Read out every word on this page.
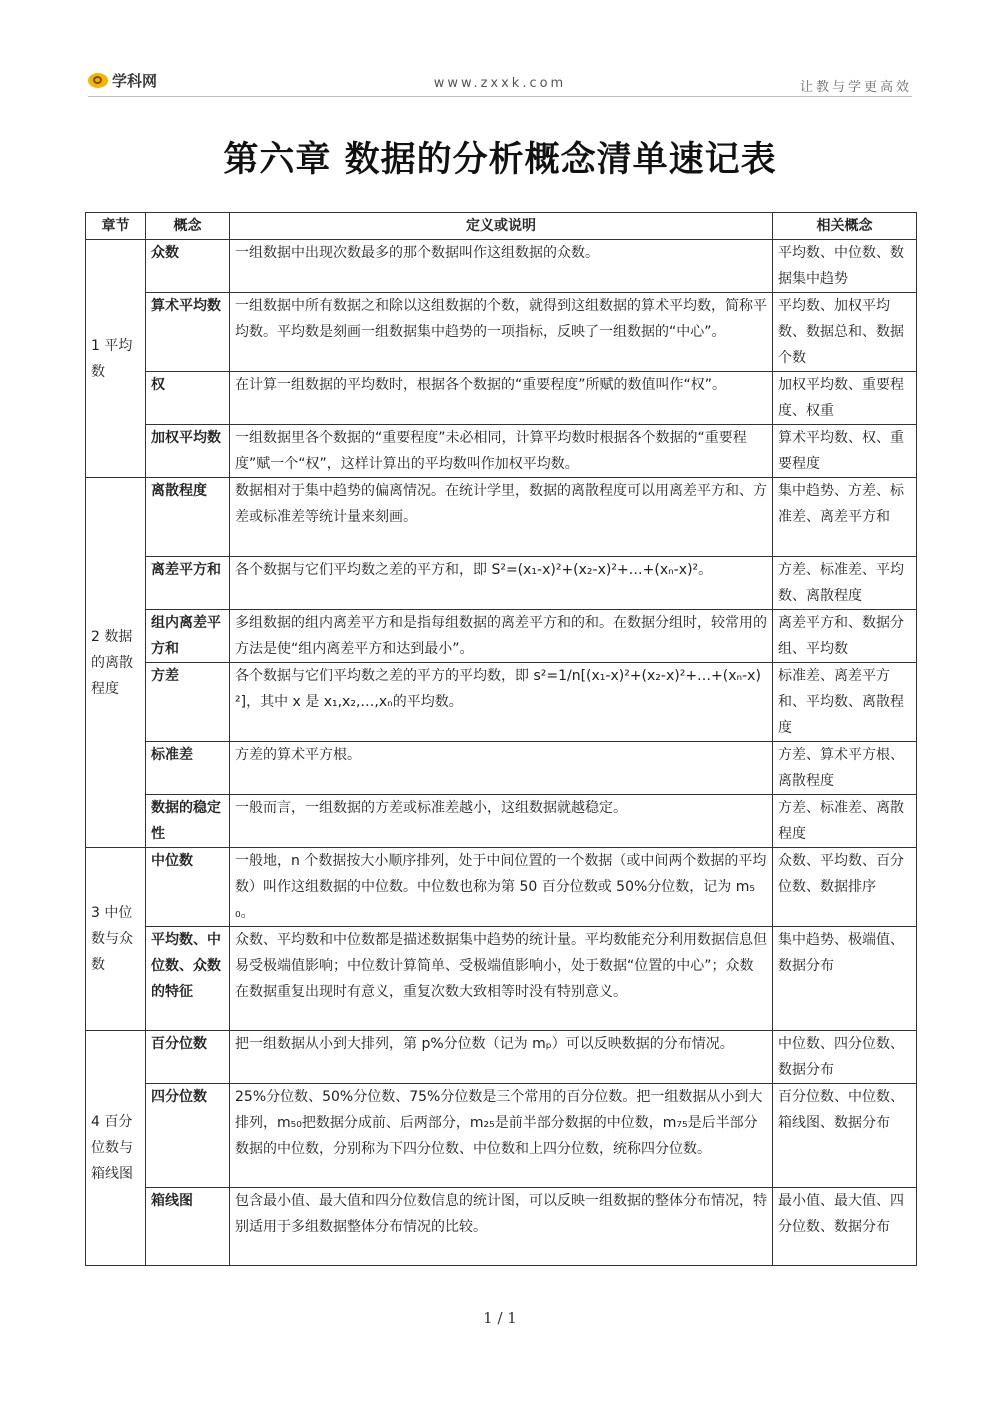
学科网	www.zxxk.com	让教与学更高效
第六章 数据的分析概念清单速记表
章节	概念	定义或说明	相关概念
1 平均数	众数	一组数据中出现次数最多的那个数据叫作这组数据的众数。	平均数、中位数、数据集中趋势
	算术平均数	一组数据中所有数据之和除以这组数据的个数，就得到这组数据的算术平均数，简称平均数。平均数是刻画一组数据集中趋势的一项指标，反映了一组数据的“中心”。	平均数、加权平均数、数据总和、数据个数
	权	在计算一组数据的平均数时，根据各个数据的“重要程度”所赋的数值叫作“权”。	加权平均数、重要程度、权重
	加权平均数	一组数据里各个数据的“重要程度”未必相同，计算平均数时根据各个数据的“重要程度”赋一个“权”，这样计算出的平均数叫作加权平均数。	算术平均数、权、重要程度
2 数据的离散程度	离散程度	数据相对于集中趋势的偏离情况。在统计学里，数据的离散程度可以用离差平方和、方差或标准差等统计量来刻画。	集中趋势、方差、标准差、离差平方和
	离差平方和	各个数据与它们平均数之差的平方和，即 S²=(x₁-x)²+(x₂-x)²+…+(xₙ-x)²。	方差、标准差、平均数、离散程度
	组内离差平方和	多组数据的组内离差平方和是指每组数据的离差平方和的和。在数据分组时，较常用的方法是使“组内离差平方和达到最小”。	离差平方和、数据分组、平均数
	方差	各个数据与它们平均数之差的平方的平均数，即 s²=1/n[(x₁-x)²+(x₂-x)²+…+(xₙ-x)²]，其中 x 是 x₁,x₂,…,xₙ的平均数。	标准差、离差平方和、平均数、离散程度
	标准差	方差的算术平方根。	方差、算术平方根、离散程度
	数据的稳定性	一般而言，一组数据的方差或标准差越小，这组数据就越稳定。	方差、标准差、离散程度
3 中位数与众数	中位数	一般地，n 个数据按大小顺序排列，处于中间位置的一个数据（或中间两个数据的平均数）叫作这组数据的中位数。中位数也称为第 50 百分位数或 50%分位数，记为 m₅₀。	众数、平均数、百分位数、数据排序
	平均数、中位数、众数的特征	众数、平均数和中位数都是描述数据集中趋势的统计量。平均数能充分利用数据信息但易受极端值影响；中位数计算简单、受极端值影响小，处于数据“位置的中心”；众数在数据重复出现时有意义，重复次数大致相等时没有特别意义。	集中趋势、极端值、数据分布
4 百分位数与箱线图	百分位数	把一组数据从小到大排列，第 p%分位数（记为 mₚ）可以反映数据的分布情况。	中位数、四分位数、数据分布
	四分位数	25%分位数、50%分位数、75%分位数是三个常用的百分位数。把一组数据从小到大排列，m₅₀把数据分成前、后两部分，m₂₅是前半部分数据的中位数，m₇₅是后半部分数据的中位数，分别称为下四分位数、中位数和上四分位数，统称四分位数。	百分位数、中位数、箱线图、数据分布
	箱线图	包含最小值、最大值和四分位数信息的统计图，可以反映一组数据的整体分布情况，特别适用于多组数据整体分布情况的比较。	最小值、最大值、四分位数、数据分布
1 / 1
